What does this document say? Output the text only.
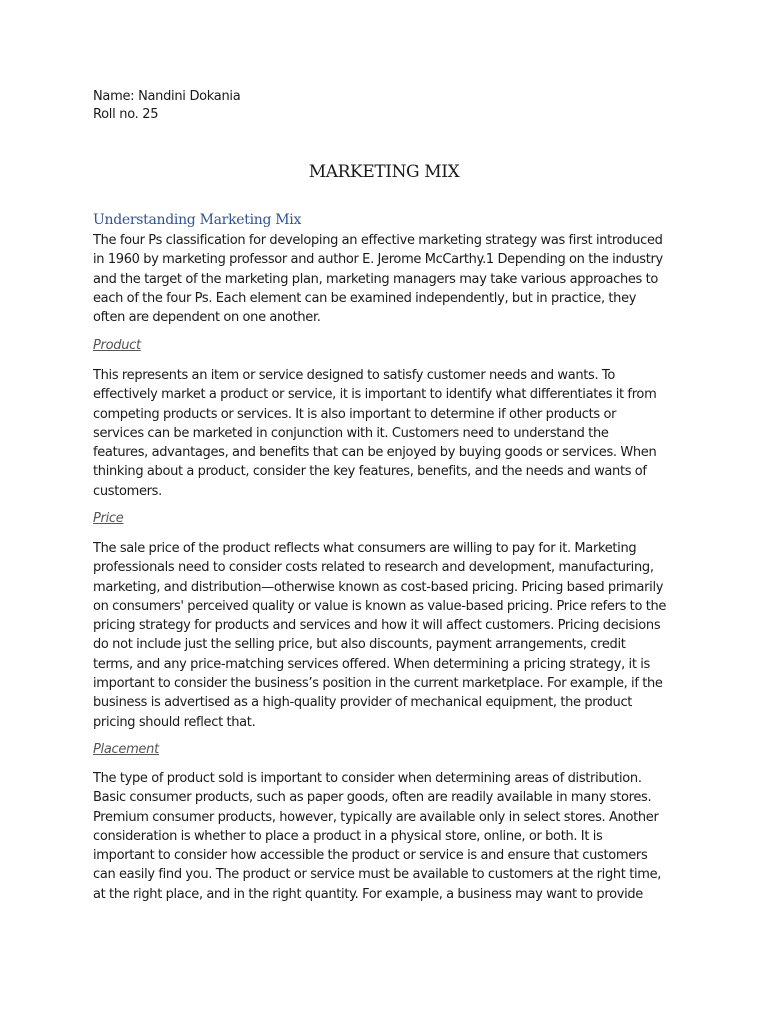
Name: Nandini Dokania
Roll no. 25
MARKETING MIX
Understanding Marketing Mix
The four Ps classification for developing an effective marketing strategy was first introduced
in 1960 by marketing professor and author E. Jerome McCarthy.1 Depending on the industry
and the target of the marketing plan, marketing managers may take various approaches to
each of the four Ps. Each element can be examined independently, but in practice, they
often are dependent on one another.
Product
This represents an item or service designed to satisfy customer needs and wants. To
effectively market a product or service, it is important to identify what differentiates it from
competing products or services. It is also important to determine if other products or
services can be marketed in conjunction with it. Customers need to understand the
features, advantages, and benefits that can be enjoyed by buying goods or services. When
thinking about a product, consider the key features, benefits, and the needs and wants of
customers.
Price
The sale price of the product reflects what consumers are willing to pay for it. Marketing
professionals need to consider costs related to research and development, manufacturing,
marketing, and distribution—otherwise known as cost-based pricing. Pricing based primarily
on consumers' perceived quality or value is known as value-based pricing. Price refers to the
pricing strategy for products and services and how it will affect customers. Pricing decisions
do not include just the selling price, but also discounts, payment arrangements, credit
terms, and any price-matching services offered. When determining a pricing strategy, it is
important to consider the business’s position in the current marketplace. For example, if the
business is advertised as a high-quality provider of mechanical equipment, the product
pricing should reflect that.
Placement
The type of product sold is important to consider when determining areas of distribution.
Basic consumer products, such as paper goods, often are readily available in many stores.
Premium consumer products, however, typically are available only in select stores. Another
consideration is whether to place a product in a physical store, online, or both. It is
important to consider how accessible the product or service is and ensure that customers
can easily find you. The product or service must be available to customers at the right time,
at the right place, and in the right quantity. For example, a business may want to provide
